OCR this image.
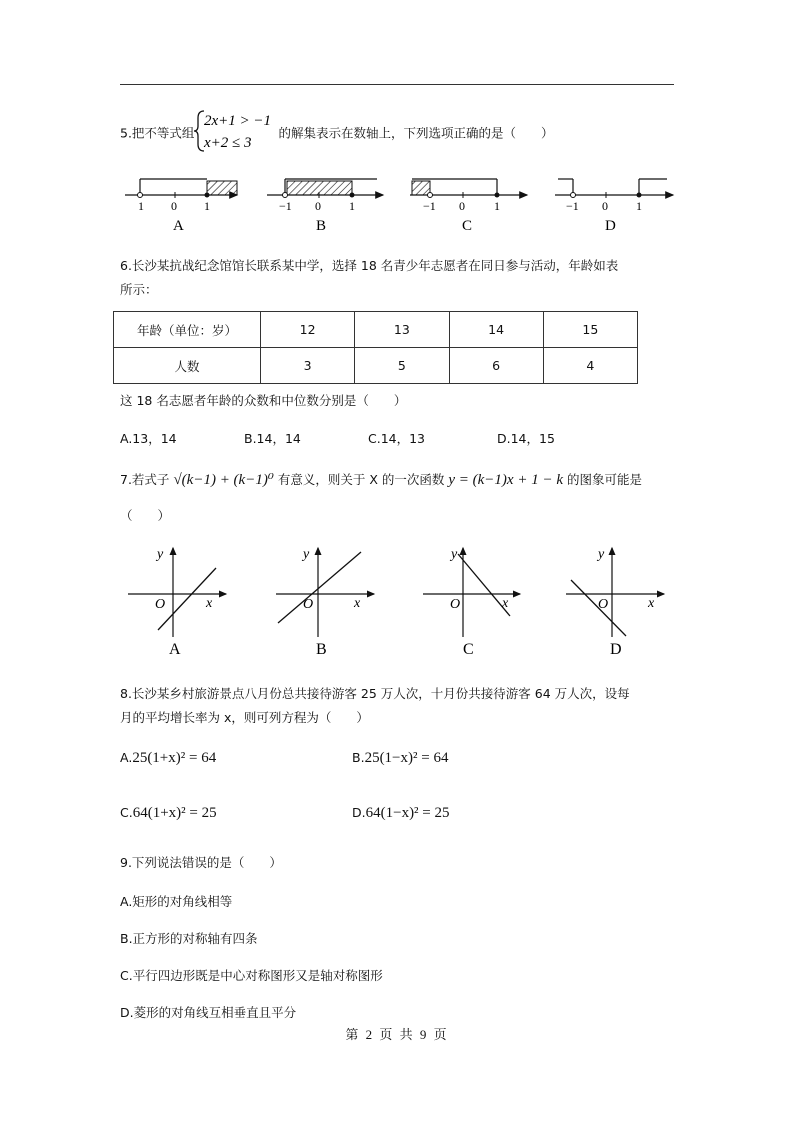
5.把不等式组
2x+1 > −1
x+2 ≤ 3
的解集表示在数轴上，下列选项正确的是（　　）
1 0 1
A
−1 0 1
B
−1 0 1
C
−1 0 1
D
6.长沙某抗战纪念馆馆长联系某中学，选择 18 名青少年志愿者在同日参与活动，年龄如表
所示：
年龄（单位：岁）	12	13	14	15
人数	3	5	6	4
这 18 名志愿者年龄的众数和中位数分别是（　　）
A.13，14	B.14，14	C.14，13	D.14，15
7.若式子 √(k−1) + (k−1)⁰ 有意义，则关于 X 的一次函数 y = (k−1)x + 1 − k 的图象可能是
（　　）
x
y
O
A
x
y
O
B
x
y
O
C
x
y
O
D
8.长沙某乡村旅游景点八月份总共接待游客 25 万人次，十月份共接待游客 64 万人次，设每
月的平均增长率为 x，则可列方程为（　　）
A.25(1+x)² = 64	B.25(1−x)² = 64
C.64(1+x)² = 25	D.64(1−x)² = 25
9.下列说法错误的是（　　）
A.矩形的对角线相等
B.正方形的对称轴有四条
C.平行四边形既是中心对称图形又是轴对称图形
D.菱形的对角线互相垂直且平分
第 2 页 共 9 页
